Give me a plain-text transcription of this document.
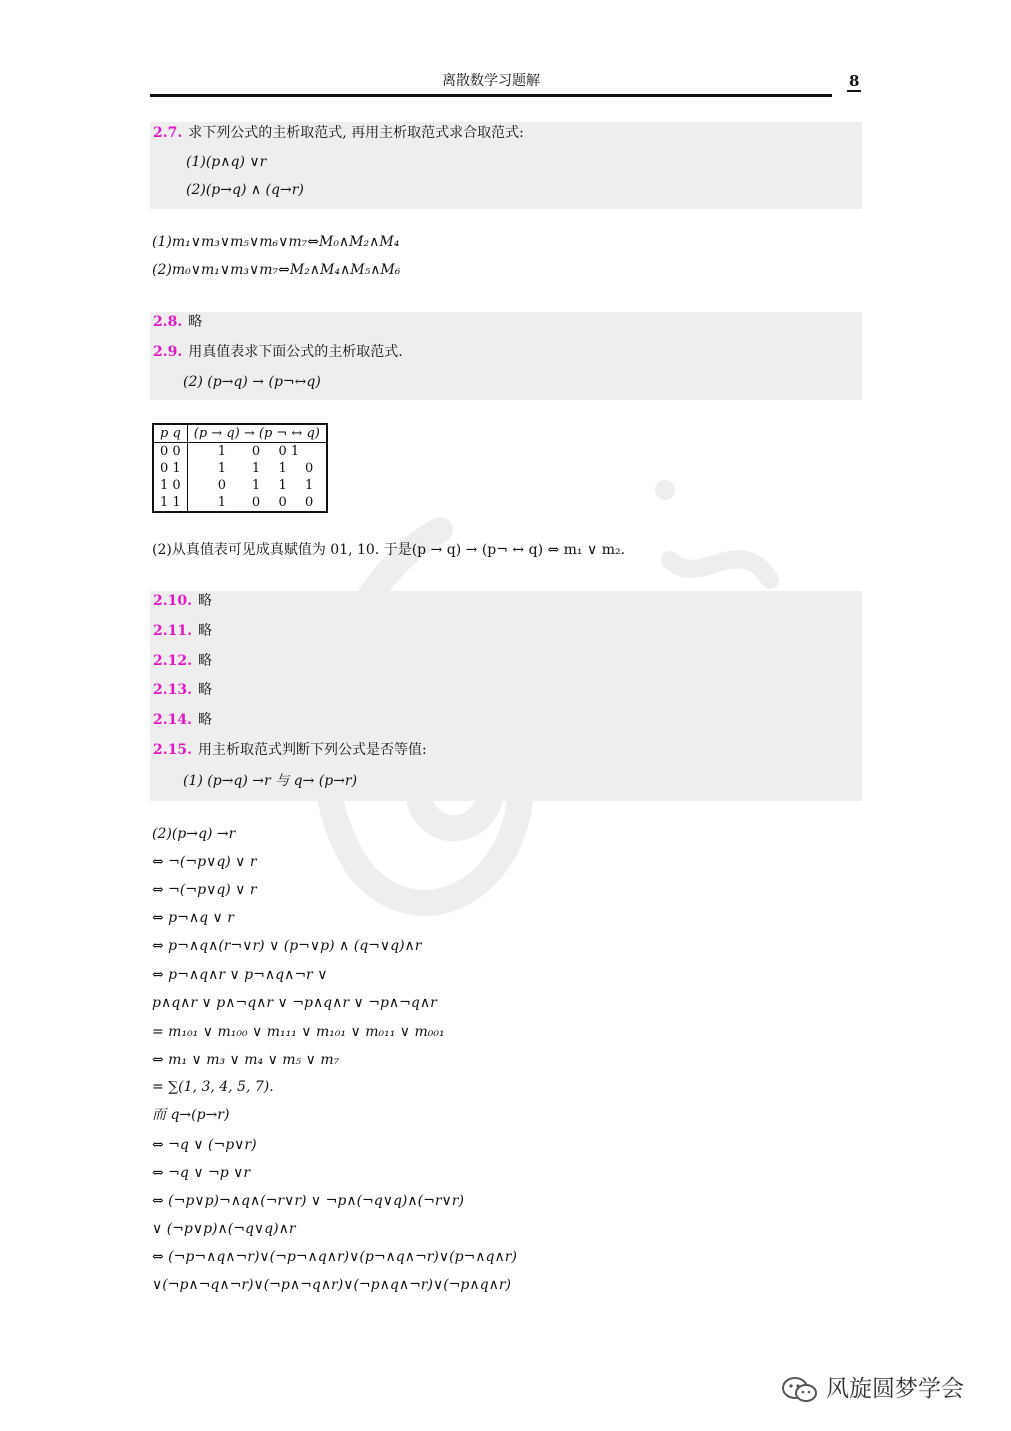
离散数学习题解	8
2.7. 求下列公式的主析取范式, 再用主析取范式求合取范式:
(1)(p∧q) ∨r
(2)(p→q) ∧ (q→r)
(1)m₁∨m₃∨m₅∨m₆∨m₇⇔M₀∧M₂∧M₄
(2)m₀∨m₁∨m₃∨m₇⇔M₂∧M₄∧M₅∧M₆
2.8. 略
2.9. 用真值表求下面公式的主析取范式.
(2) (p→q) → (p¬↔q)
p q	(p → q) → (p ¬ ↔ q)			
0 0	1	0	0 1	
0 1	1	1	1	0
1 0	0	1	1	1
1 1	1	0	0	0
(2)从真值表可见成真赋值为 01, 10. 于是(p → q) → (p¬ ↔ q) ⇔ m₁ ∨ m₂.
2.10. 略
2.11. 略
2.12. 略
2.13. 略
2.14. 略
2.15. 用主析取范式判断下列公式是否等值:
(1) (p→q) →r 与 q→ (p→r)
(2)(p→q) →r
⇔ ¬(¬p∨q) ∨ r
⇔ ¬(¬p∨q) ∨ r
⇔ p¬∧q ∨ r
⇔ p¬∧q∧(r¬∨r) ∨ (p¬∨p) ∧ (q¬∨q)∧r
⇔ p¬∧q∧r ∨ p¬∧q∧¬r ∨
p∧q∧r ∨ p∧¬q∧r ∨ ¬p∧q∧r ∨ ¬p∧¬q∧r
= m₁₀₁ ∨ m₁₀₀ ∨ m₁₁₁ ∨ m₁₀₁ ∨ m₀₁₁ ∨ m₀₀₁
⇔ m₁ ∨ m₃ ∨ m₄ ∨ m₅ ∨ m₇
= ∑(1, 3, 4, 5, 7).
而 q→(p→r)
⇔ ¬q ∨ (¬p∨r)
⇔ ¬q ∨ ¬p ∨r
⇔ (¬p∨p)¬∧q∧(¬r∨r) ∨ ¬p∧(¬q∨q)∧(¬r∨r)
∨ (¬p∨p)∧(¬q∨q)∧r
⇔ (¬p¬∧q∧¬r)∨(¬p¬∧q∧r)∨(p¬∧q∧¬r)∨(p¬∧q∧r)
∨(¬p∧¬q∧¬r)∨(¬p∧¬q∧r)∨(¬p∧q∧¬r)∨(¬p∧q∧r)
风旋圆梦学会
